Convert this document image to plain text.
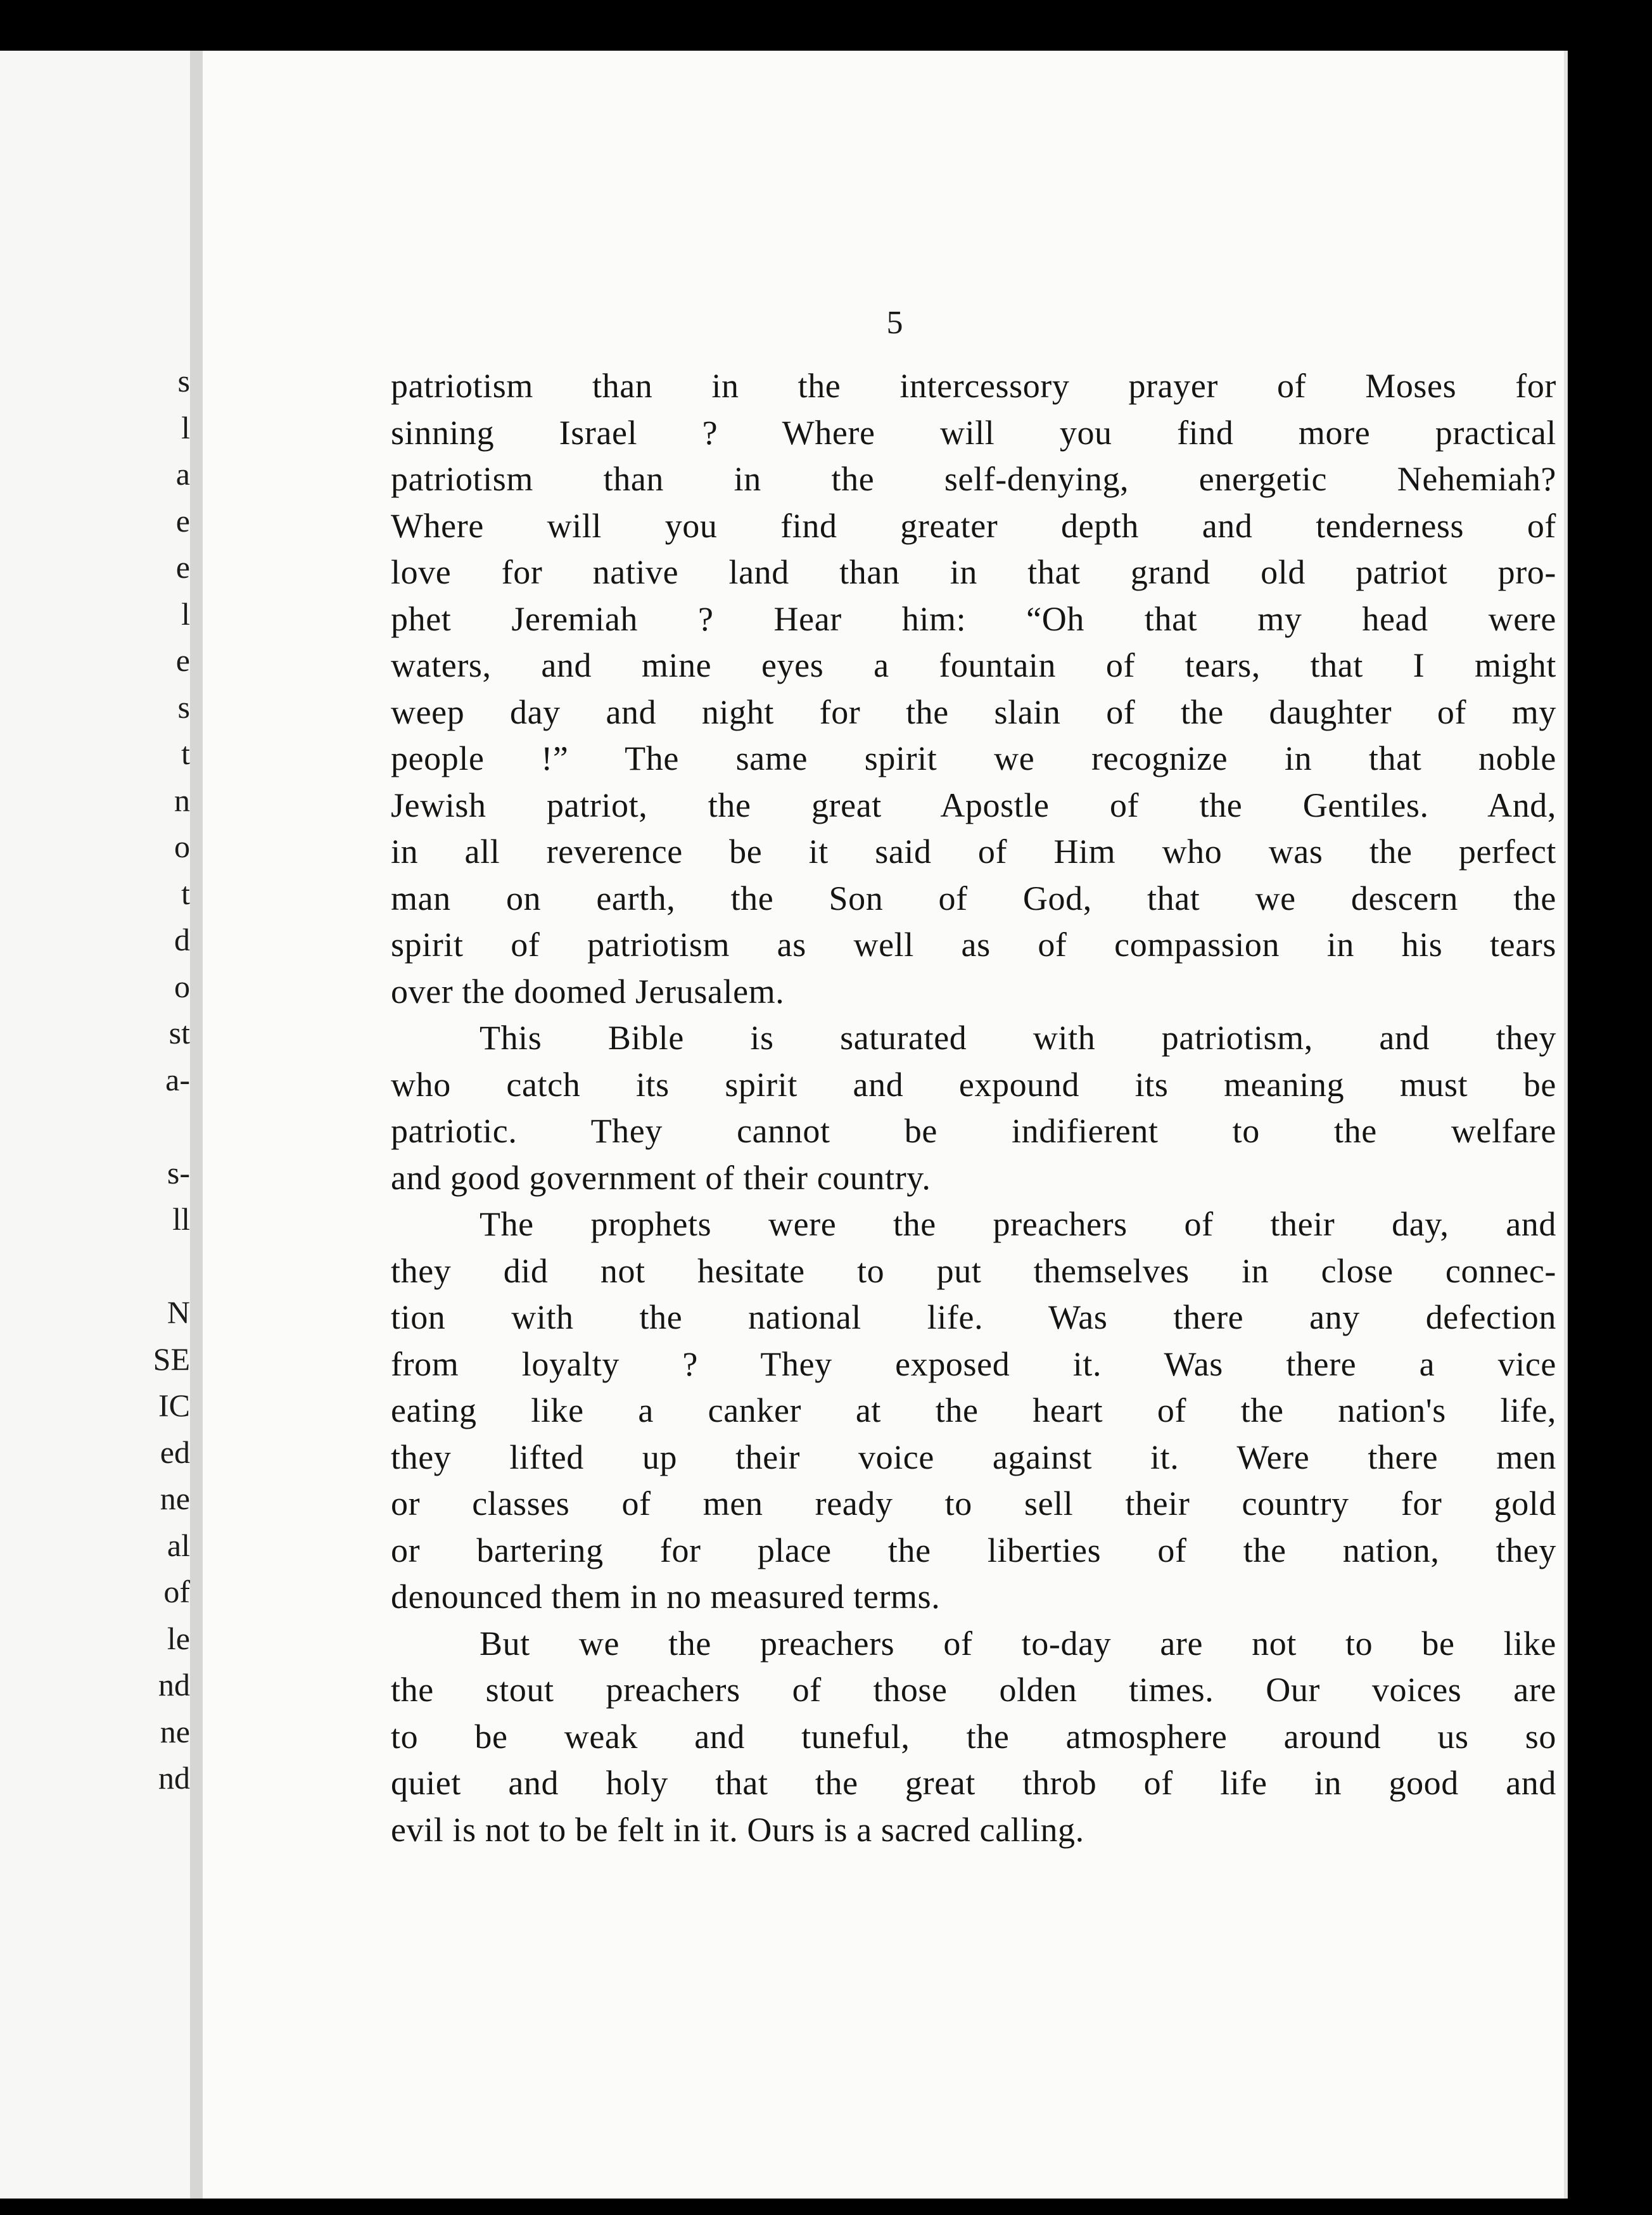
s
l
a
e
e
l
e
s
t
n
o
t
d
o
st
a-
s-
ll
N
SE
IC
ed
ne
al
of
le
nd
ne
nd
5
patriotism than in the intercessory prayer of Moses for
sinning Israel ? Where will you find more practical
patriotism than in the self-denying, energetic Nehemiah?
Where will you find greater depth and tenderness of
love for native land than in that grand old patriot pro-
phet Jeremiah ? Hear him: “Oh that my head were
waters, and mine eyes a fountain of tears, that I might
weep day and night for the slain of the daughter of my
people !” The same spirit we recognize in that noble
Jewish patriot, the great Apostle of the Gentiles. And,
in all reverence be it said of Him who was the perfect
man on earth, the Son of God, that we descern the
spirit of patriotism as well as of compassion in his tears
over the doomed Jerusalem.
This Bible is saturated with patriotism, and they
who catch its spirit and expound its meaning must be
patriotic. They cannot be indifierent to the welfare
and good government of their country.
The prophets were the preachers of their day, and
they did not hesitate to put themselves in close connec-
tion with the national life. Was there any defection
from loyalty ? They exposed it. Was there a vice
eating like a canker at the heart of the nation's life,
they lifted up their voice against it. Were there men
or classes of men ready to sell their country for gold
or bartering for place the liberties of the nation, they
denounced them in no measured terms.
But we the preachers of to-day are not to be like
the stout preachers of those olden times. Our voices are
to be weak and tuneful, the atmosphere around us so
quiet and holy that the great throb of life in good and
evil is not to be felt in it. Ours is a sacred calling.
